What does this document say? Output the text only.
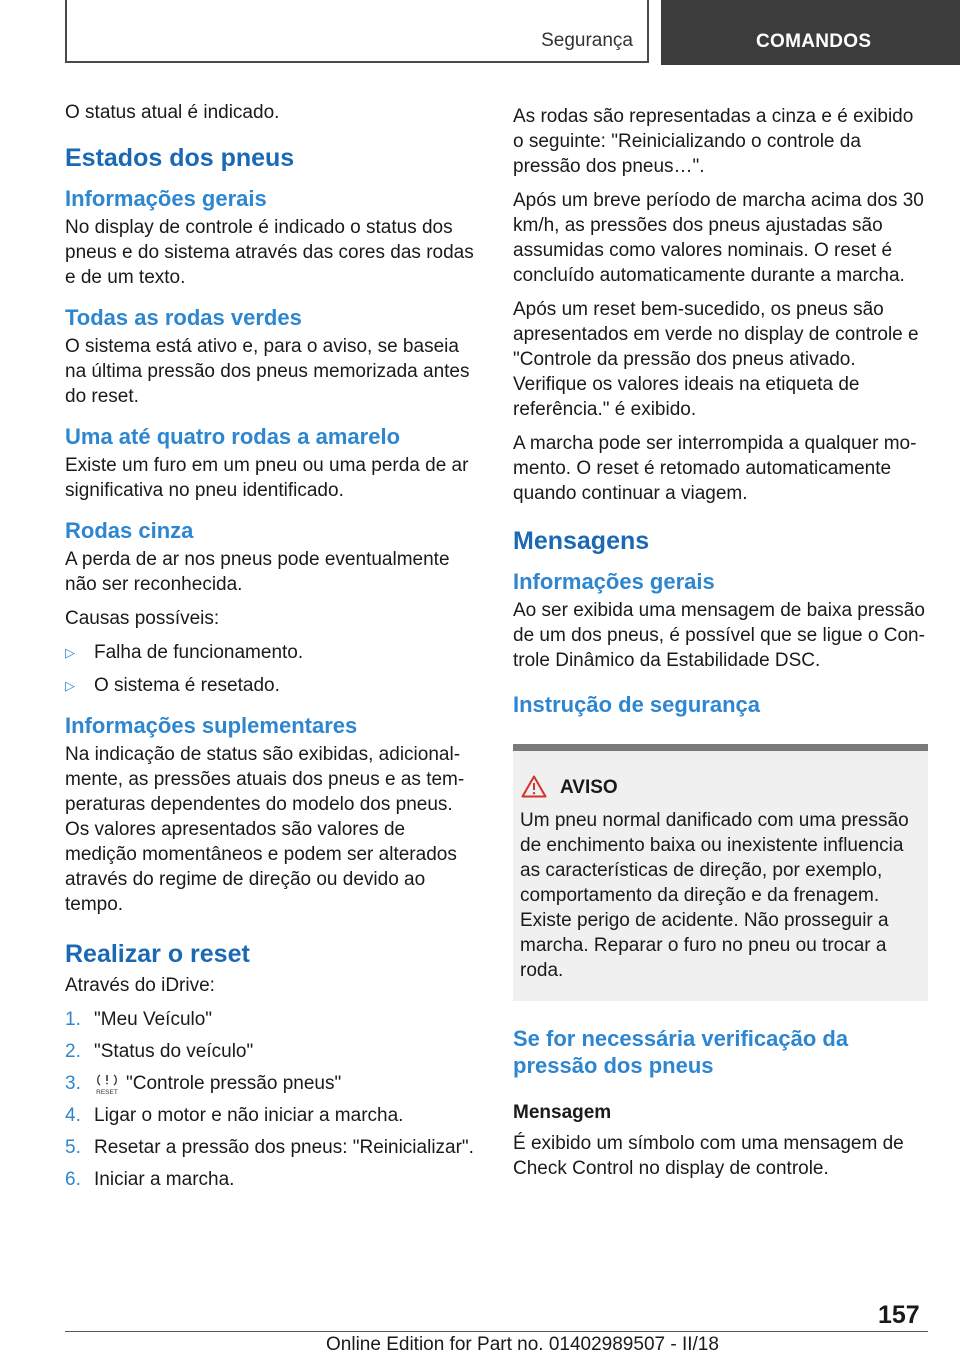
Segurança	COMANDOS

O status atual é indicado.

Estados dos pneus
Informações gerais

No display de controle é indicado o status dos pneus e do sistema através das cores das rodas e de um texto.

Todas as rodas verdes

O sistema está ativo e, para o aviso, se baseia na última pressão dos pneus memorizada antes do reset.

Uma até quatro rodas a amarelo

Existe um furo em um pneu ou uma perda de ar significativa no pneu identificado.

Rodas cinza

A perda de ar nos pneus pode eventualmente não ser reconhecida.

Causas possíveis:

▷ Falha de funcionamento.
▷ O sistema é resetado.
Informações suplementares

Na indicação de status são exibidas, adicionalmente, as pressões atuais dos pneus e as temperaturas dependentes do modelo dos pneus. Os valores apresentados são valores de medição momentâneos e podem ser alterados através do regime de direção ou devido ao tempo.

Realizar o reset

Através do iDrive:

1. "Meu Veículo"
2. "Status do veículo"
3. RESET "Controle pressão pneus"
4. Ligar o motor e não iniciar a marcha.
5. Resetar a pressão dos pneus: "Reinicializar".
6. Iniciar a marcha.

As rodas são representadas a cinza e é exibido o seguinte: "Reinicializando o controle da pressão dos pneus…".

Após um breve período de marcha acima dos 30 km/h, as pressões dos pneus ajustadas são assumidas como valores nominais. O reset é concluído automaticamente durante a marcha.

Após um reset bem-sucedido, os pneus são apresentados em verde no display de controle e "Controle da pressão dos pneus ativado. Verifique os valores ideais na etiqueta de referência." é exibido.

A marcha pode ser interrompida a qualquer momento. O reset é retomado automaticamente quando continuar a viagem.

Mensagens
Informações gerais

Ao ser exibida uma mensagem de baixa pressão de um dos pneus, é possível que se ligue o Controle Dinâmico da Estabilidade DSC.

Instrução de segurança
AVISO

Um pneu normal danificado com uma pressão de enchimento baixa ou inexistente influencia as características de direção, por exemplo, comportamento da direção e da frenagem. Existe perigo de acidente. Não prosseguir a marcha. Reparar o furo no pneu ou trocar a roda.

Se for necessária verificação da pressão dos pneus
Mensagem

É exibido um símbolo com uma mensagem de Check Control no display de controle.

157
Online Edition for Part no. 01402989507 - II/18
